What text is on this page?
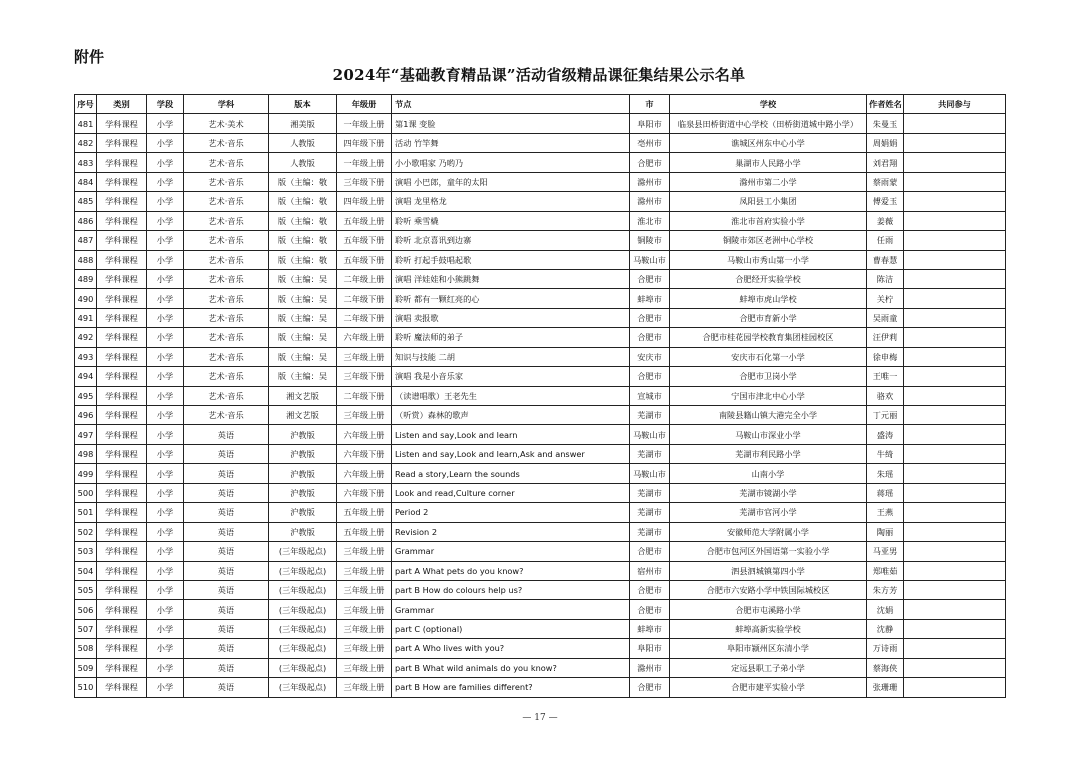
附件
2024年“基础教育精品课”活动省级精品课征集结果公示名单
序号	类别	学段	学科	版本	年级册	节点	市	学校	作者姓名	共同参与
481	学科课程	小学	艺术·美术	湘美版	一年级上册	第1课 变脸	阜阳市	临泉县田桥街道中心学校（田桥街道城中路小学）	朱曼玉	
482	学科课程	小学	艺术·音乐	人教版	四年级下册	活动 竹竿舞	亳州市	谯城区州东中心小学	周娟娟	
483	学科课程	小学	艺术·音乐	人教版	一年级上册	小小歌唱家 乃哟乃	合肥市	巢湖市人民路小学	刘君翔	
484	学科课程	小学	艺术·音乐	版（主编：敬	三年级下册	演唱 小巴郎，童年的太阳	滁州市	滁州市第二小学	蔡雨蒙	
485	学科课程	小学	艺术·音乐	版（主编：敬	四年级上册	演唱 龙里格龙	滁州市	凤阳县工小集团	傅爱玉	
486	学科课程	小学	艺术·音乐	版（主编：敬	五年级上册	聆听 乘雪橇	淮北市	淮北市首府实验小学	姜薇	
487	学科课程	小学	艺术·音乐	版（主编：敬	五年级下册	聆听 北京喜讯到边寨	铜陵市	铜陵市郊区老洲中心学校	任雨	
488	学科课程	小学	艺术·音乐	版（主编：敬	五年级下册	聆听 打起手鼓唱起歌	马鞍山市	马鞍山市秀山第一小学	曹春慧	
489	学科课程	小学	艺术·音乐	版（主编：吴	二年级上册	演唱 洋娃娃和小熊跳舞	合肥市	合肥经开实验学校	陈洁	
490	学科课程	小学	艺术·音乐	版（主编：吴	二年级下册	聆听 都有一颗红亮的心	蚌埠市	蚌埠市虎山学校	关柠	
491	学科课程	小学	艺术·音乐	版（主编：吴	二年级下册	演唱 卖报歌	合肥市	合肥市育新小学	吴雨童	
492	学科课程	小学	艺术·音乐	版（主编：吴	六年级上册	聆听 魔法师的弟子	合肥市	合肥市桂花园学校教育集团桂园校区	汪伊莉	
493	学科课程	小学	艺术·音乐	版（主编：吴	三年级上册	知识与技能 二胡	安庆市	安庆市石化第一小学	徐申梅	
494	学科课程	小学	艺术·音乐	版（主编：吴	三年级下册	演唱 我是小音乐家	合肥市	合肥市卫岗小学	王唯一	
495	学科课程	小学	艺术·音乐	湘文艺版	二年级下册	（读谱唱歌）王老先生	宣城市	宁国市津北中心小学	骆欢	
496	学科课程	小学	艺术·音乐	湘文艺版	三年级上册	（听赏）森林的歌声	芜湖市	南陵县籍山镇大港完全小学	丁元丽	
497	学科课程	小学	英语	沪教版	六年级上册	Listen and say,Look and learn	马鞍山市	马鞍山市深业小学	盛涛	
498	学科课程	小学	英语	沪教版	六年级下册	Listen and say,Look and learn,Ask and answer	芜湖市	芜湖市利民路小学	牛绮	
499	学科课程	小学	英语	沪教版	六年级上册	Read a story,Learn the sounds	马鞍山市	山南小学	朱瑶	
500	学科课程	小学	英语	沪教版	六年级下册	Look and read,Culture corner	芜湖市	芜湖市镜湖小学	蒋瑶	
501	学科课程	小学	英语	沪教版	五年级上册	Period 2	芜湖市	芜湖市官河小学	王燕	
502	学科课程	小学	英语	沪教版	五年级上册	Revision 2	芜湖市	安徽师范大学附属小学	陶丽	
503	学科课程	小学	英语	(三年级起点)	三年级上册	Grammar	合肥市	合肥市包河区外国语第一实验小学	马亚男	
504	学科课程	小学	英语	(三年级起点)	三年级上册	part A What pets do you know?	宿州市	泗县泗城镇第四小学	郑唯茹	
505	学科课程	小学	英语	(三年级起点)	三年级上册	part B How do colours help us?	合肥市	合肥市六安路小学中铁国际城校区	朱方芳	
506	学科课程	小学	英语	(三年级起点)	三年级上册	Grammar	合肥市	合肥市屯溪路小学	沈娟	
507	学科课程	小学	英语	(三年级起点)	三年级上册	part C (optional)	蚌埠市	蚌埠高新实验学校	沈静	
508	学科课程	小学	英语	(三年级起点)	三年级上册	part A Who lives with you?	阜阳市	阜阳市颍州区东清小学	万诗雨	
509	学科课程	小学	英语	(三年级起点)	三年级上册	part B What wild animals do you know?	滁州市	定远县职工子弟小学	蔡海侠	
510	学科课程	小学	英语	(三年级起点)	三年级上册	part B How are families different?	合肥市	合肥市建平实验小学	张珊珊	
— 17 —
